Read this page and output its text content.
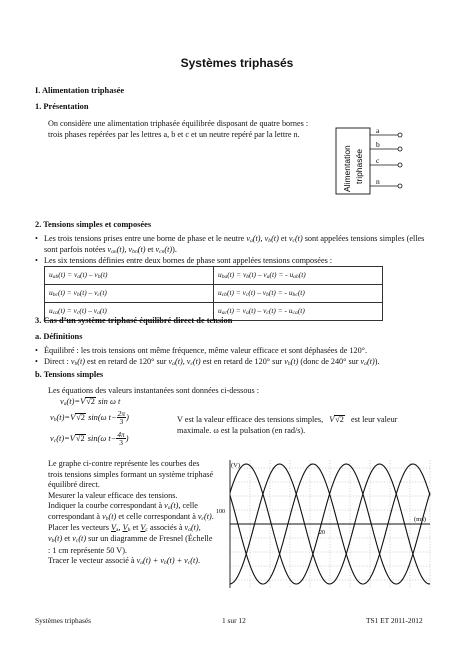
Systèmes triphasés
I. Alimentation triphasée
1. Présentation
On considère une alimentation triphasée équilibrée disposant de quatre bornes : trois phases repérées par les lettres a, b et c et un neutre repéré par la lettre n.	a
b
c
n
Alimentation triphasée
2. Tensions simples et composées
• Les trois tensions prises entre une borne de phase et le neutre va(t), vb(t) et vc(t) sont appelées tensions simples (elles sont parfois notées van(t), vbn(t) et vcn(t)).
• Les six tensions définies entre deux bornes de phase sont appelées tensions composées :
uab(t) = va(t) – vb(t)	uba(t) = vb(t) – va(t) = - uab(t)
ubc(t) = vb(t) – vc(t)	ucb(t) = vc(t) – vb(t) = - ubc(t)
uca(t) = vc(t) – va(t)	uac(t) = va(t) – vc(t) = - uca(t)
3. Cas d’un système triphasé équilibré direct de tension
a. Définitions
• Équilibré : les trois tensions ont même fréquence, même valeur efficace et sont déphasées de 120°.
• Direct : vb(t) est en retard de 120° sur va(t), vc(t) est en retard de 120° sur vb(t) (donc de 240° sur va(t)).
b. Tensions simples
Les équations des valeurs instantanées sont données ci-dessous :
va(t)=V√2 sin ω t
vb(t)=V√2 sin(ω $t- \frac{2\pi}{3}$ )
vc(t)=V√2 sin(ω $t- \frac{4\pi}{3}$ )
V est la valeur efficace des tensions simples, V√2 est leur valeur
maximale. ω est la pulsation (en rad/s).
Le graphe ci-contre représente les courbes des trois tensions simples formant un système triphasé équilibré direct.
Mesurer la valeur efficace des tensions.
Indiquer la courbe correspondant à va(t), celle correspondant à vb(t) et celle correspondant à vc(t).
Placer les vecteurs Va, Vb et Vc associés à va(t), vb(t) et vc(t) sur un diagramme de Fresnel (Échelle : 1 cm représente 50 V).
Tracer le vecteur associé à va(t) + vb(t) + vc(t).
(V)
(ms)
100
20
Systèmes triphasés	1 sur 12	TS1 ET 2011-2012
